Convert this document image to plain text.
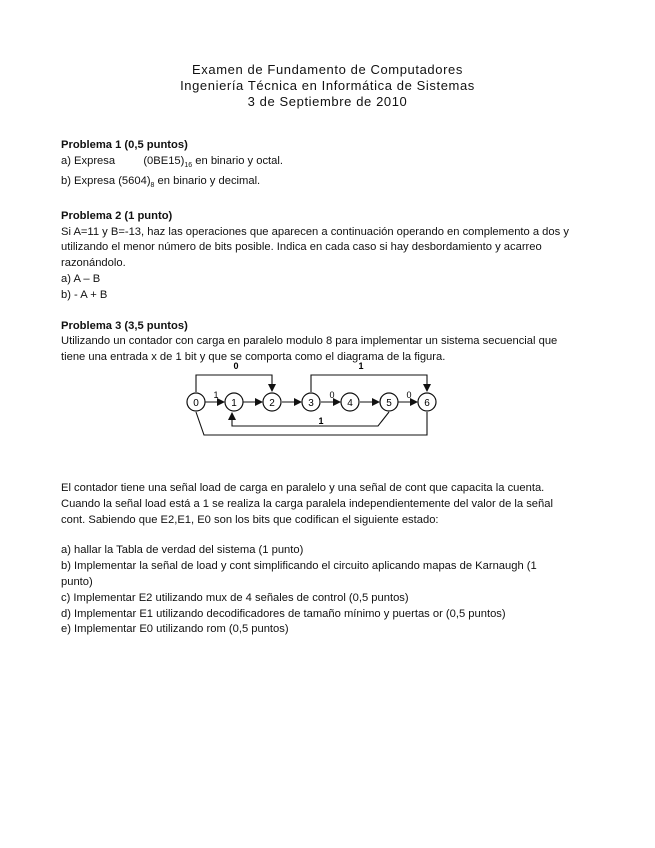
Examen de Fundamento de Computadores
Ingeniería Técnica en Informática de Sistemas
3 de Septiembre de 2010
Problema 1 (0,5 puntos)
a) Expresa	$(0BE15)_{16}$ en binario y octal.
b) Expresa $(5604)_8$ en binario y decimal.
Problema 2 (1 punto)
Si A=11 y B=-13, haz las operaciones que aparecen a continuación operando en complemento a dos y
utilizando el menor número de bits posible. Indica en cada caso si hay desbordamiento y acarreo
razonándolo.
a) A – B
b) - A + B
Problema 3 (3,5 puntos)
Utilizando un contador con carga en paralelo modulo 8 para implementar un sistema secuencial que
tiene una entrada x de 1 bit y que se comporta como el diagrama de la figura.
0	1	2	3	4	5	6
1
0
0
1
0
1
El contador tiene una señal load de carga en paralelo y una señal de cont que capacita la cuenta.
Cuando la señal load está a 1 se realiza la carga paralela independientemente del valor de la señal
cont. Sabiendo que E2,E1, E0 son los bits que codifican el siguiente estado:
a) hallar la Tabla de verdad del sistema (1 punto)
b) Implementar la señal de load y cont simplificando el circuito aplicando mapas de Karnaugh (1
punto)
c) Implementar E2 utilizando mux de 4 señales de control (0,5 puntos)
d) Implementar E1 utilizando decodificadores de tamaño mínimo y puertas or (0,5 puntos)
e) Implementar E0 utilizando rom (0,5 puntos)
